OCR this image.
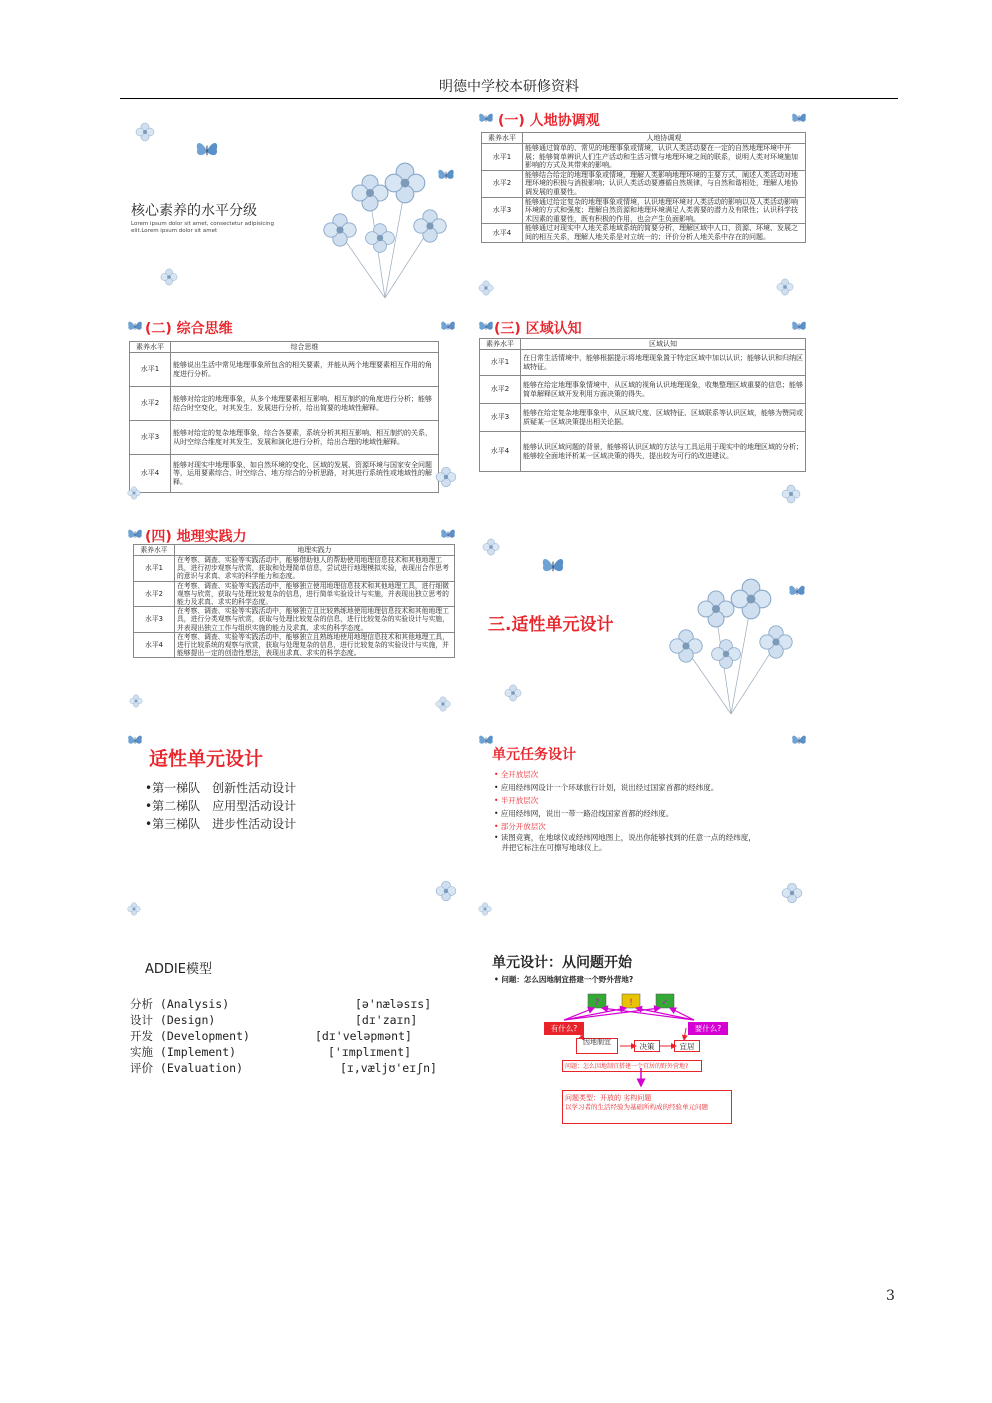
明德中学校本研修资料
核心素养的水平分级
Lorem ipsum dolor sit amet, consectetur adipisicing elit.Lorem ipsum dolor sit amet
(一) 人地协调观
素养水平	人地协调观
水平1	能够通过简单的、常见的地理事象或情境，认识人类活动要在一定的自然地理环境中开展；能够简单辨识人们生产活动和生活习惯与地理环境之间的联系，说明人类对环境施加影响的方式及其带来的影响。
水平2	能够结合给定的地理事象或情境，理解人类影响地理环境的主要方式，阐述人类活动对地理环境的积极与消极影响；认识人类活动要遵循自然规律，与自然和谐相处，理解人地协调发展的重要性。
水平3	能够通过给定复杂的地理事象或情境，认识地理环境对人类活动的影响以及人类活动影响环境的方式和强度；理解自然资源和地理环境满足人类需要的潜力及有限性；认识科学技术因素的重要性，既有积极的作用，也会产生负面影响。
水平4	能够通过对现实中人地关系地域系统的简要分析，理解区域中人口、资源、环境、发展之间的相互关系，理解人地关系是对立统一的；评价分析人地关系中存在的问题。
(二) 综合思维
素养水平	综合思维
水平1	能够说出生活中常见地理事象所包含的相关要素，并能从两个地理要素相互作用的角度进行分析。
水平2	能够对给定的地理事象，从多个地理要素相互影响、相互制约的角度进行分析；能够结合时空变化，对其发生、发展进行分析，给出简要的地域性解释。
水平3	能够对给定的复杂地理事象，综合各要素，系统分析其相互影响、相互制约的关系，从时空综合维度对其发生、发展和演化进行分析，给出合理的地域性解释。
水平4	能够对现实中地理事象，如自然环境的变化、区域的发展、资源环境与国家安全问题等，运用要素综合、时空综合、地方综合的分析思路，对其进行系统性或地域性的解释。
(三) 区域认知
素养水平	区域认知
水平1	在日常生活情境中，能够根据提示将地理现象置于特定区域中加以认识；能够认识和归纳区域特征。
水平2	能够在给定地理事象情境中，从区域的视角认识地理现象，收集整理区域重要的信息；能够简单解释区域开发利用方面决策的得失。
水平3	能够在给定复杂地理事象中，从区域尺度、区域特征、区域联系等认识区域，能够为赞同或质疑某一区域决策提出相关论据。
水平4	能够认识区域问题的背景，能够将认识区域的方法与工具运用于现实中的地理区域的分析；能够较全面地评析某一区域决策的得失，提出较为可行的改进建议。
(四) 地理实践力
素养水平	地理实践力
水平1	在考察、调查、实验等实践活动中，能够借助他人的帮助使用地理信息技术和其他地理工具，进行初步观察与欣赏，获取和处理简单信息，尝试进行地理模拟实验，表现出合作思考的意识与求真、求实的科学能力和态度。
水平2	在考察、调查、实验等实践活动中，能够独立使用地理信息技术和其他地理工具，进行细微观察与欣赏，获取与处理比较复杂的信息，进行简单实验设计与实施，并表现出独立思考的能力及求真、求实的科学态度。
水平3	在考察、调查、实验等实践活动中，能够独立且比较熟练地使用地理信息技术和其他地理工具，进行分类观察与欣赏，获取与处理比较复杂的信息，进行比较复杂的实验设计与实施，并表现出独立工作与组织实施的能力及求真、求实的科学态度。
水平4	在考察、调查、实验等实践活动中，能够独立且熟练地使用地理信息技术和其他地理工具，进行比较系统的观察与欣赏，获取与处理复杂的信息，进行比较复杂的实验设计与实施，并能够提出一定的创造性想法，表现出求真、求实的科学态度。
三.适性单元设计
适性单元设计
•第一梯队　创新性活动设计
•第二梯队　应用型活动设计
•第三梯队　进步性活动设计
单元任务设计
• 全开放层次
• 应用经纬网设计一个环球旅行计划，说出经过国家首都的经纬度。
• 半开放层次
• 应用经纬网，说出一带一路沿线国家首都的经纬度。
• 部分开放层次
• 读图竞赛，在地球仪或经纬网地图上，说出你能够找到的任意一点的经纬度，
　并把它标注在可擦写地球仪上。
ADDIE模型
分析 (Analysis)	[ə'næləsɪs]
设计 (Design)	[dɪ'zaɪn]
开发 (Development)	[dɪ'veləpmənt]
实施 (Implement)	['ɪmplɪment]
评价 (Evaluation)	[ɪ,væljʊ'eɪʃn]
单元设计：从问题开始
• 问题：怎么因地制宜搭建一个野外营地?
?	!	✓
有什么?	要什么?
因地制宜	决策	宜居
问题：怎么因地制宜搭建一个宜居的野外营地?
问题类型：开放的 劣构问题
以学习者的生活经验为基础所构成的经验单元问题
3
